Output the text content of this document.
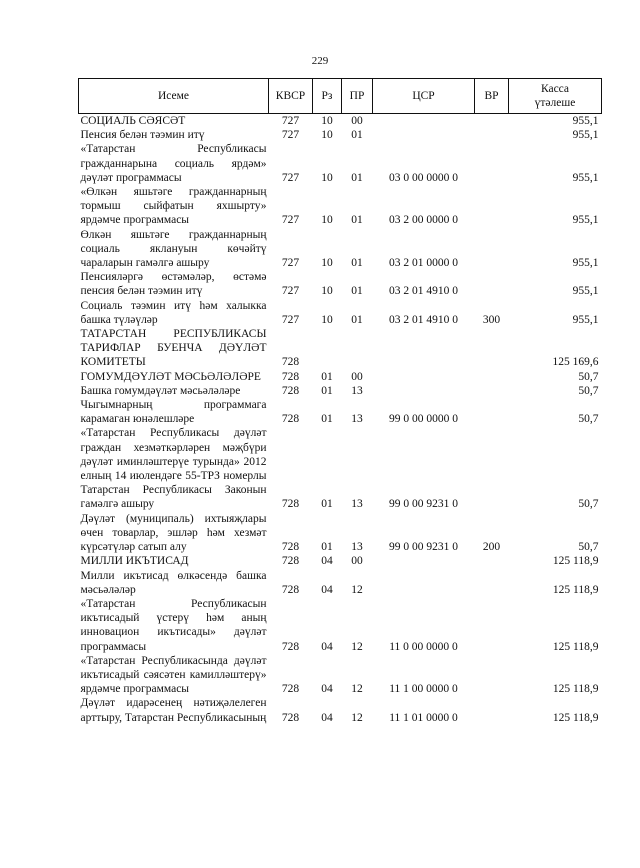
229
Исеме	КВСР	Рз	ПР	ЦСР	ВР	Касса
үтәлеше

СОЦИАЛЬ СӘЯСӘТ	727	10	00			955,1
Пенсия белән тәэмин итү	727	10	01			955,1
«Татарстан Республикасы гражданнарына социаль ярдәм» дәүләт программасы	727	10	01	03 0 00 0000 0		955,1
«Өлкән яшьтәге гражданнарның тормыш сыйфатын яхшырту» ярдәмче программасы	727	10	01	03 2 00 0000 0		955,1
Өлкән яшьтәге гражданнарның социаль яклануын көчәйтү чараларын гамәлгә ашыру	727	10	01	03 2 01 0000 0		955,1
Пенсияләргә өстәмәләр, өстәмә пенсия белән тәэмин итү	727	10	01	03 2 01 4910 0		955,1
Социаль тәэмин итү һәм халыкка башка түләүләр	727	10	01	03 2 01 4910 0	300	955,1
ТАТАРСТАН РЕСПУБЛИКАСЫ ТАРИФЛАР БУЕНЧА ДӘҮЛӘТ КОМИТЕТЫ	728					125 169,6
ГОМУМДӘҮЛӘТ МӘСЬӘЛӘЛӘРЕ	728	01	00			50,7
Башка гомумдәүләт мәсьәләләре	728	01	13			50,7
Чыгымнарның программага карамаган юнәлешләре	728	01	13	99 0 00 0000 0		50,7
«Татарстан Республикасы дәүләт граждан хезмәткәрләрен мәҗбүри дәүләт иминләштерүе турында» 2012 елның 14 июлендәге 55-ТРЗ номерлы Татарстан Республикасы Законын гамәлгә ашыру	728	01	13	99 0 00 9231 0		50,7
Дәүләт (муниципаль) ихтыяҗлары өчен товарлар, эшләр һәм хезмәт күрсәтүләр сатып алу	728	01	13	99 0 00 9231 0	200	50,7
МИЛЛИ ИКЪТИСАД	728	04	00			125 118,9
Милли икътисад өлкәсендә башка мәсьәләләр	728	04	12			125 118,9
«Татарстан Республикасын икътисадый үстерү һәм аның инновацион икътисады» дәүләт программасы	728	04	12	11 0 00 0000 0		125 118,9
«Татарстан Республикасында дәүләт икътисадый сәясәтен камилләштерү» ярдәмче программасы	728	04	12	11 1 00 0000 0		125 118,9
Дәүләт идарәсенең нәтиҗәлелеген арттыру, Татарстан Республикасының	728	04	12	11 1 01 0000 0		125 118,9
